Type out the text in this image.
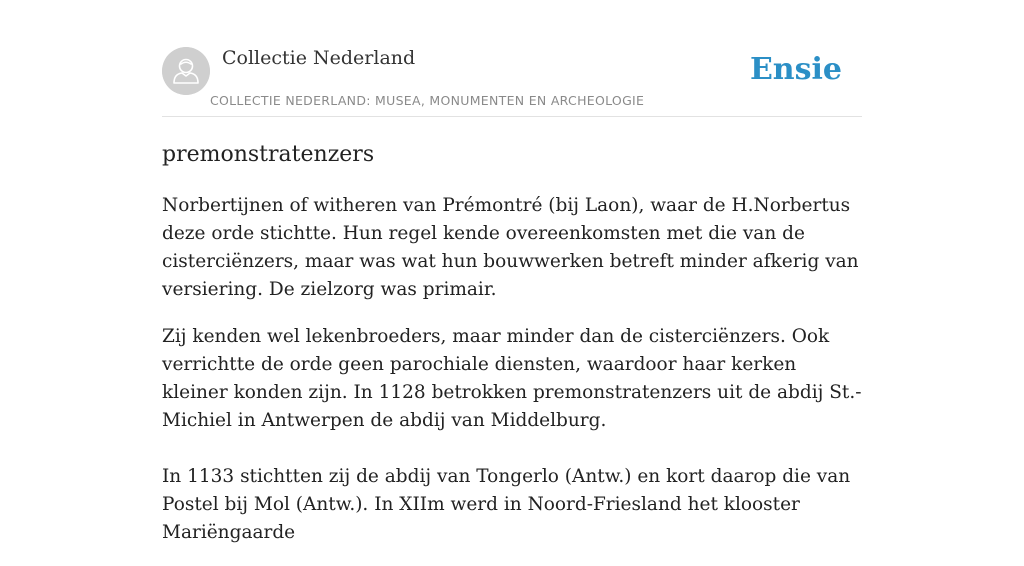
Collectie Nederland
COLLECTIE NEDERLAND: MUSEA, MONUMENTEN EN ARCHEOLOGIE
Ensie
premonstratenzers

Norbertijnen of witheren van Prémontré (bij Laon), waar de H.Norbertus deze orde stichtte. Hun regel kende overeenkomsten met die van de cisterciënzers, maar was wat hun bouwwerken betreft minder afkerig van versiering. De zielzorg was primair.

Zij kenden wel lekenbroeders, maar minder dan de cisterciënzers. Ook verrichtte de orde geen parochiale diensten, waardoor haar kerken kleiner konden zijn. In 1128 betrokken premonstratenzers uit de abdij St.-Michiel in Antwerpen de abdij van Middelburg.

In 1133 stichtten zij de abdij van Tongerlo (Antw.) en kort daarop die van Postel bij Mol (Antw.). In XIIm werd in Noord-Friesland het klooster Mariëngaarde
